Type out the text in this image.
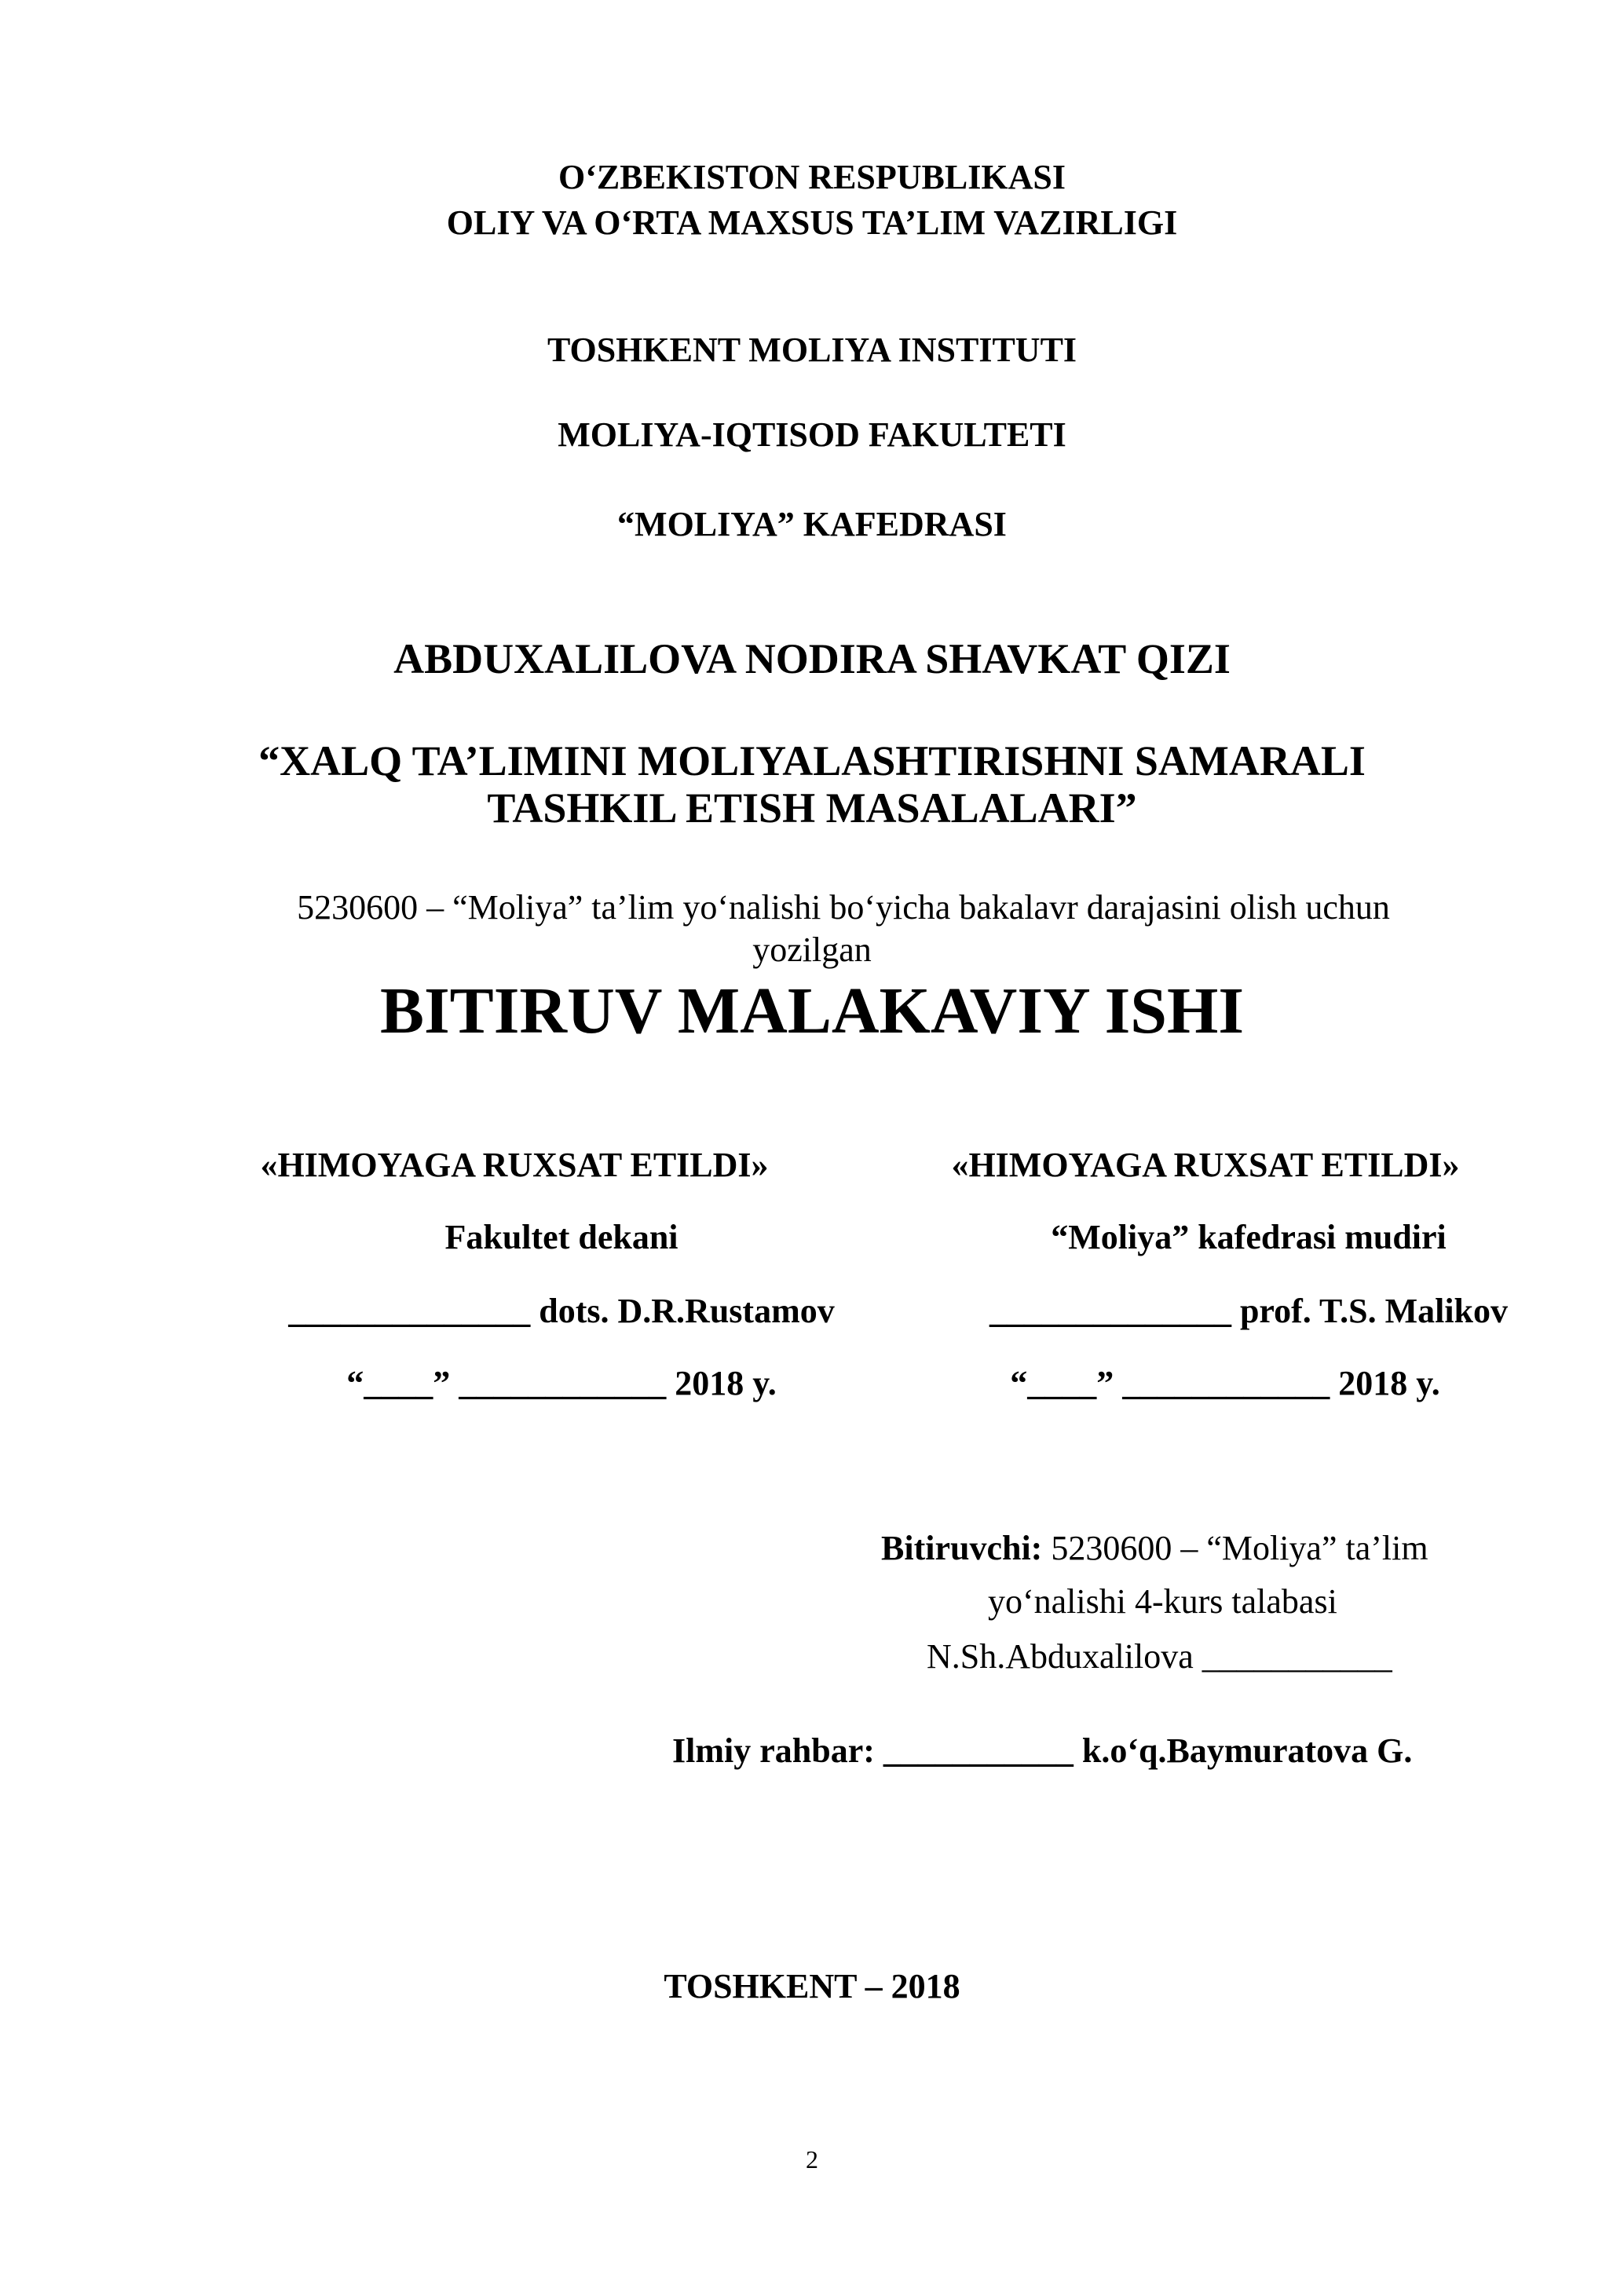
O‘ZBEKISTON RESPUBLIKASI
OLIY VA O‘RTA MAXSUS TA’LIM VAZIRLIGI
TOSHKENT MOLIYA INSTITUTI
MOLIYA-IQTISOD FAKULTETI
“MOLIYA” KAFEDRASI
ABDUXALILOVA NODIRA SHAVKAT QIZI
“XALQ TA’LIMINI MOLIYALASHTIRISHNI SAMARALI
TASHKIL ETISH MASALALARI”
5230600 – “Moliya” ta’lim yo‘nalishi bo‘yicha bakalavr darajasini olish uchun
yozilgan
BITIRUV MALAKAVIY ISHI
«HIMOYAGA RUXSAT ETILDI»
Fakultet dekani
______________ dots. D.R.Rustamov
“____” ____________ 2018 y.
«HIMOYAGA RUXSAT ETILDI»
“Moliya” kafedrasi mudiri
______________ prof. T.S. Malikov
“____” ____________ 2018 y.
Bitiruvchi: 5230600 – “Moliya” ta’lim
yo‘nalishi 4-kurs talabasi
N.Sh.Abduxalilova ___________
Ilmiy rahbar: ___________ k.o‘q.Baymuratova G.
TOSHKENT – 2018
2
